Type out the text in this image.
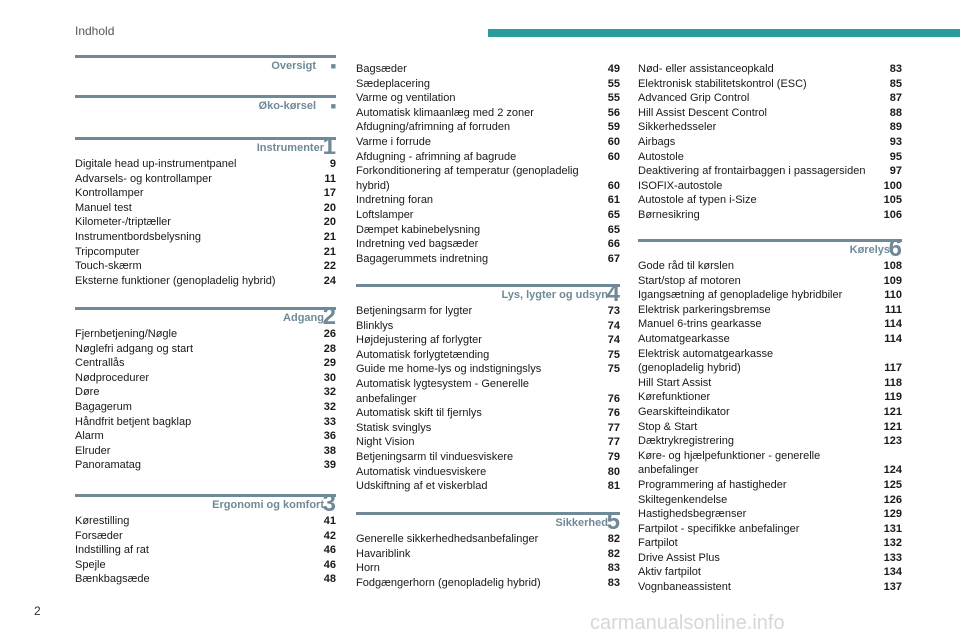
Indhold
Oversigt ■
Øko-kørsel ■
Instrumenter
1
Digitale head up-instrumentpanel	9
Advarsels- og kontrollamper	11
Kontrollamper	17
Manuel test	20
Kilometer-/triptæller	20
Instrumentbordsbelysning	21
Tripcomputer	21
Touch-skærm	22
Eksterne funktioner (genopladelig hybrid)	24
Adgang
2
Fjernbetjening/Nøgle	26
Nøglefri adgang og start	28
Centrallås	29
Nødprocedurer	30
Døre	32
Bagagerum	32
Håndfrit betjent bagklap	33
Alarm	36
Elruder	38
Panoramatag	39
Ergonomi og komfort
3
Kørestilling	41
Forsæder	42
Indstilling af rat	46
Spejle	46
Bænkbagsæde	48
Bagsæder	49
Sædeplacering	55
Varme og ventilation	55
Automatisk klimaanlæg med 2 zoner	56
Afdugning/afrimning af forruden	59
Varme i forrude	60
Afdugning - afrimning af bagrude	60
Forkonditionering af temperatur (genopladelig
hybrid)	60
Indretning foran	61
Loftslamper	65
Dæmpet kabinebelysning	65
Indretning ved bagsæder	66
Bagagerummets indretning	67
Lys, lygter og udsyn
4
Betjeningsarm for lygter	73
Blinklys	74
Højdejustering af forlygter	74
Automatisk forlygtetænding	75
Guide me home-lys og indstigningslys	75
Automatisk lygtesystem - Generelle
anbefalinger	76
Automatisk skift til fjernlys	76
Statisk svinglys	77
Night Vision	77
Betjeningsarm til vinduesviskere	79
Automatisk vinduesviskere	80
Udskiftning af et viskerblad	81
Sikkerhed
5
Generelle sikkerhedhedsanbefalinger	82
Havariblink	82
Horn	83
Fodgængerhorn (genopladelig hybrid)	83
Nød- eller assistanceopkald	83
Elektronisk stabilitetskontrol (ESC)	85
Advanced Grip Control	87
Hill Assist Descent Control	88
Sikkerhedsseler	89
Airbags	93
Autostole	95
Deaktivering af frontairbaggen i passagersiden	97
ISOFIX-autostole	100
Autostole af typen i-Size	105
Børnesikring	106
Kørelys
6
Gode råd til kørslen	108
Start/stop af motoren	109
Igangsætning af genopladelige hybridbiler	110
Elektrisk parkeringsbremse	111
Manuel 6-trins gearkasse	114
Automatgearkasse	114
Elektrisk automatgearkasse
(genopladelig hybrid)	117
Hill Start Assist	118
Kørefunktioner	119
Gearskifteindikator	121
Stop & Start	121
Dæktrykregistrering	123
Køre- og hjælpefunktioner - generelle
anbefalinger	124
Programmering af hastigheder	125
Skiltegenkendelse	126
Hastighedsbegrænser	129
Fartpilot - specifikke anbefalinger	131
Fartpilot	132
Drive Assist Plus	133
Aktiv fartpilot	134
Vognbaneassistent	137
2
carmanualsonline.info
